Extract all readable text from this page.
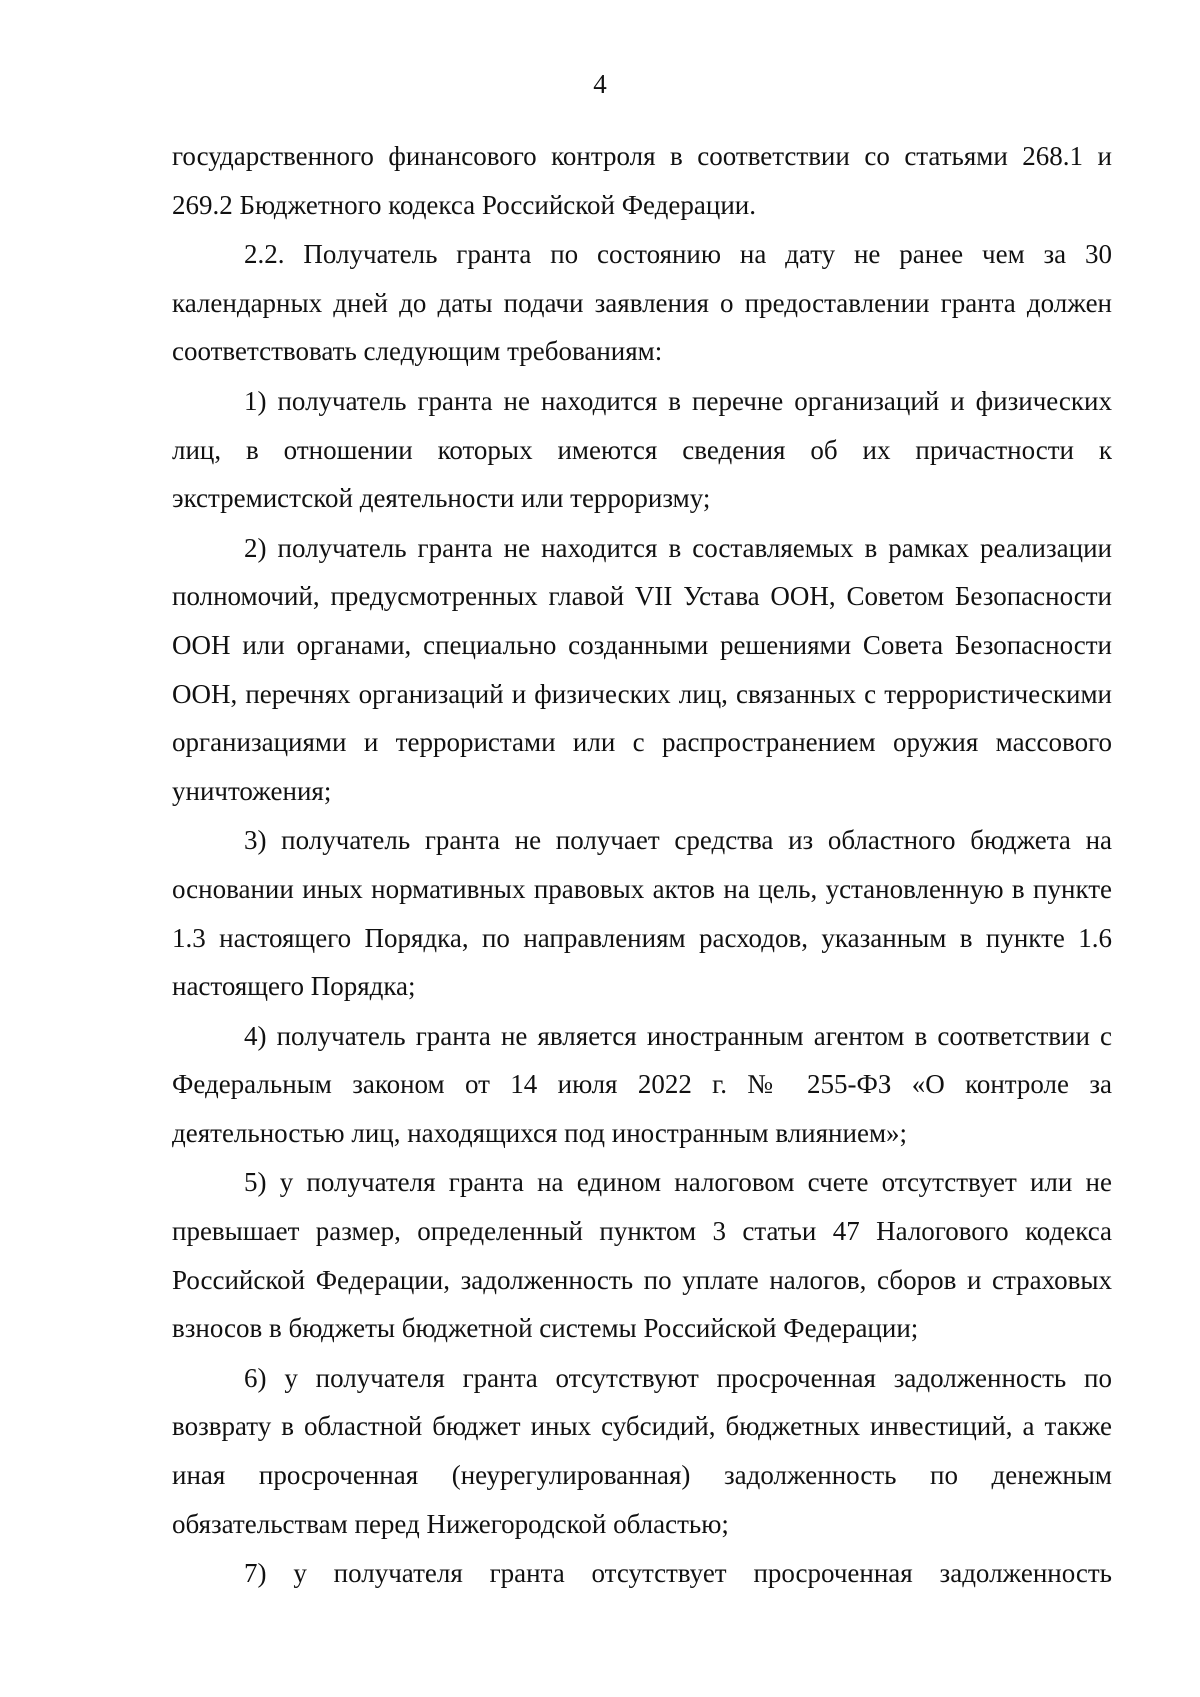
4

государственного финансового контроля в соответствии со статьями 268.1 и 269.2 Бюджетного кодекса Российской Федерации.

2.2. Получатель гранта по состоянию на дату не ранее чем за 30 календарных дней до даты подачи заявления о предоставлении гранта должен соответствовать следующим требованиям:

1) получатель гранта не находится в перечне организаций и физических лиц, в отношении которых имеются сведения об их причастности к экстремистской деятельности или терроризму;

2) получатель гранта не находится в составляемых в рамках реализации полномочий, предусмотренных главой VII Устава ООН, Советом Безопасности ООН или органами, специально созданными решениями Совета Безопасности ООН, перечнях организаций и физических лиц, связанных с террористическими организациями и террористами или с распространением оружия массового уничтожения;

3) получатель гранта не получает средства из областного бюджета на основании иных нормативных правовых актов на цель, установленную в пункте 1.3 настоящего Порядка, по направлениям расходов, указанным в пункте 1.6 настоящего Порядка;

4) получатель гранта не является иностранным агентом в соответствии с Федеральным законом от 14 июля 2022 г. № 255-ФЗ «О контроле за деятельностью лиц, находящихся под иностранным влиянием»;

5) у получателя гранта на едином налоговом счете отсутствует или не превышает размер, определенный пунктом 3 статьи 47 Налогового кодекса Российской Федерации, задолженность по уплате налогов, сборов и страховых взносов в бюджеты бюджетной системы Российской Федерации;

6) у получателя гранта отсутствуют просроченная задолженность по возврату в областной бюджет иных субсидий, бюджетных инвестиций, а также иная просроченная (неурегулированная) задолженность по денежным обязательствам перед Нижегородской областью;

7) у получателя гранта отсутствует просроченная задолженность
